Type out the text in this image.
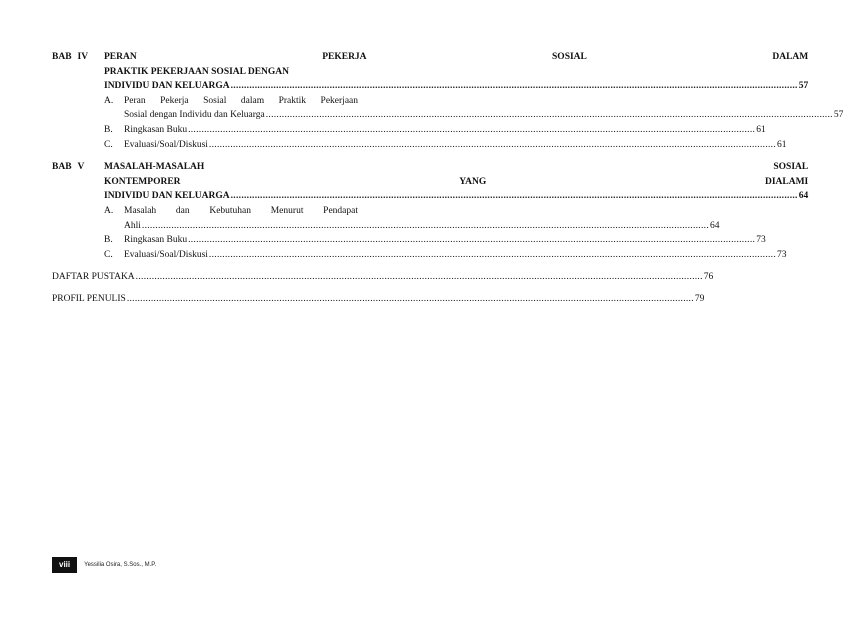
BAB IV PERAN	PEKERJA	SOSIAL	DALAM
PRAKTIK PEKERJAAN SOSIAL DENGAN
INDIVIDU DAN KELUARGA .....	57
A.	Peran Pekerja Sosial dalam Praktik Pekerjaan
Sosial dengan Individu dan Keluarga .....	57
B.	Ringkasan Buku .....	61
C.	Evaluasi/Soal/Diskusi .....	61
BAB V MASALAH-MASALAH	SOSIAL
KONTEMPORER	YANG	DIALAMI
INDIVIDU DAN KELUARGA .....	64
A.	Masalah dan Kebutuhan Menurut Pendapat
Ahli .....	64
B.	Ringkasan Buku .....	73
C.	Evaluasi/Soal/Diskusi .....	73
DAFTAR PUSTAKA .....	76
PROFIL PENULIS .....	79
viii	Yessilia Osira, S.Sos., M.P.
